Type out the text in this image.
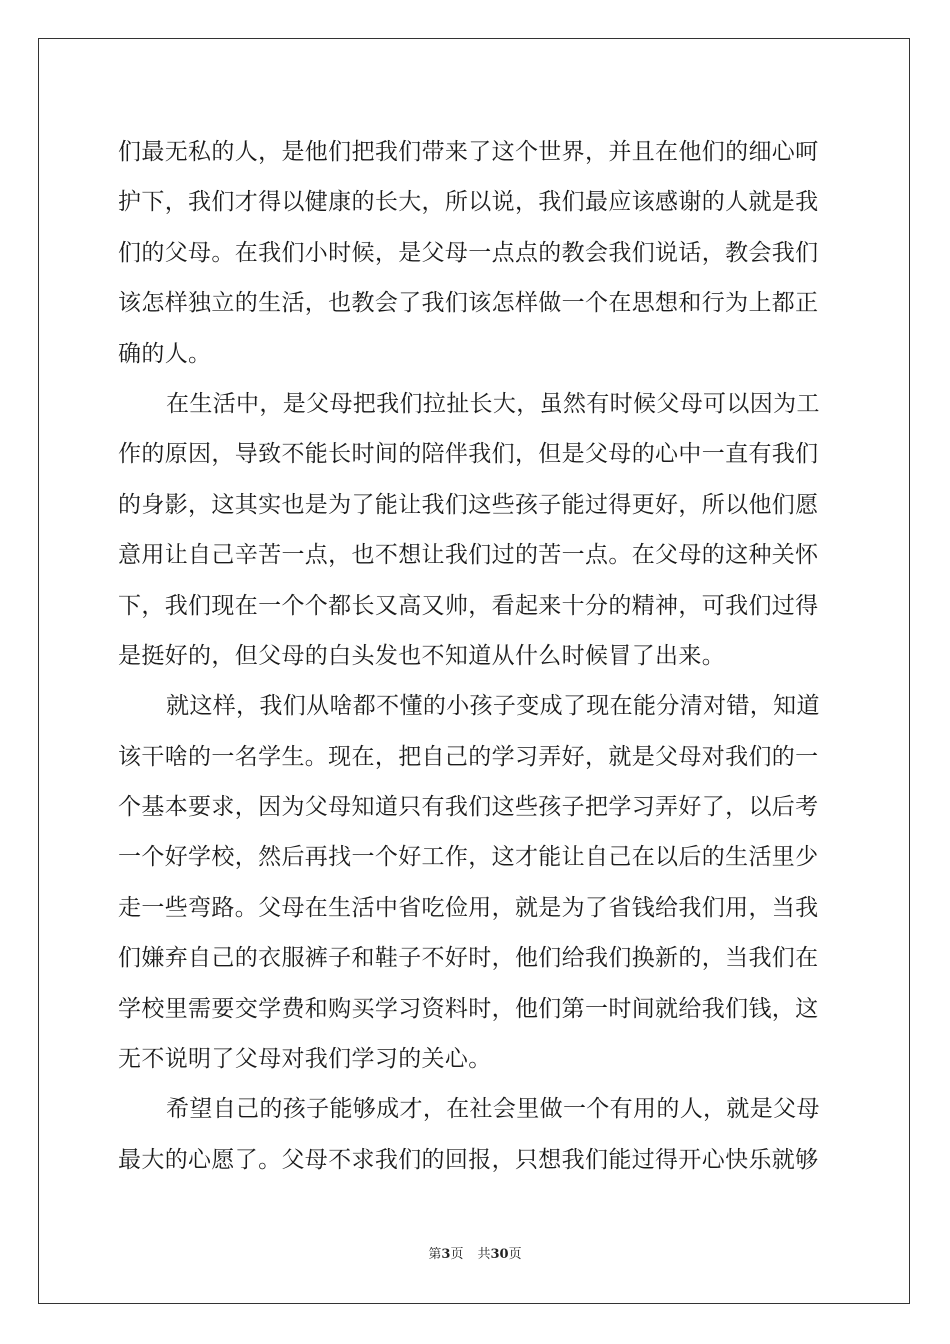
们最无私的人，是他们把我们带来了这个世界，并且在他们的细心呵
护下，我们才得以健康的长大，所以说，我们最应该感谢的人就是我
们的父母。在我们小时候，是父母一点点的教会我们说话，教会我们
该怎样独立的生活，也教会了我们该怎样做一个在思想和行为上都正
确的人。
在生活中，是父母把我们拉扯长大，虽然有时候父母可以因为工
作的原因，导致不能长时间的陪伴我们，但是父母的心中一直有我们
的身影，这其实也是为了能让我们这些孩子能过得更好，所以他们愿
意用让自己辛苦一点，也不想让我们过的苦一点。在父母的这种关怀
下，我们现在一个个都长又高又帅，看起来十分的精神，可我们过得
是挺好的，但父母的白头发也不知道从什么时候冒了出来。
就这样，我们从啥都不懂的小孩子变成了现在能分清对错，知道
该干啥的一名学生。现在，把自己的学习弄好，就是父母对我们的一
个基本要求，因为父母知道只有我们这些孩子把学习弄好了，以后考
一个好学校，然后再找一个好工作，这才能让自己在以后的生活里少
走一些弯路。父母在生活中省吃俭用，就是为了省钱给我们用，当我
们嫌弃自己的衣服裤子和鞋子不好时，他们给我们换新的，当我们在
学校里需要交学费和购买学习资料时，他们第一时间就给我们钱，这
无不说明了父母对我们学习的关心。
希望自己的孩子能够成才，在社会里做一个有用的人，就是父母
最大的心愿了。父母不求我们的回报，只想我们能过得开心快乐就够
第3页 共30页
